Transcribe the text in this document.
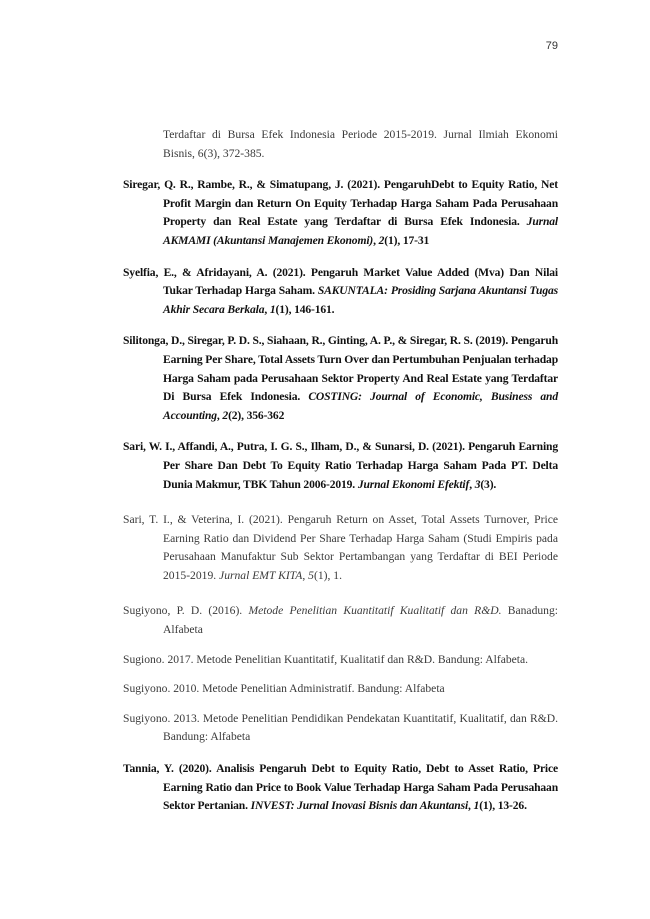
79

Terdaftar di Bursa Efek Indonesia Periode 2015-2019. Jurnal Ilmiah Ekonomi Bisnis, 6(3), 372-385.

Siregar, Q. R., Rambe, R., & Simatupang, J. (2021). PengaruhDebt to Equity Ratio, Net Profit Margin dan Return On Equity Terhadap Harga Saham Pada Perusahaan Property dan Real Estate yang Terdaftar di Bursa Efek Indonesia. Jurnal AKMAMI (Akuntansi Manajemen Ekonomi), 2(1), 17-31

Syelfia, E., & Afridayani, A. (2021). Pengaruh Market Value Added (Mva) Dan Nilai Tukar Terhadap Harga Saham. SAKUNTALA: Prosiding Sarjana Akuntansi Tugas Akhir Secara Berkala, 1(1), 146-161.

Silitonga, D., Siregar, P. D. S., Siahaan, R., Ginting, A. P., & Siregar, R. S. (2019). Pengaruh Earning Per Share, Total Assets Turn Over dan Pertumbuhan Penjualan terhadap Harga Saham pada Perusahaan Sektor Property And Real Estate yang Terdaftar Di Bursa Efek Indonesia. COSTING: Journal of Economic, Business and Accounting, 2(2), 356-362

Sari, W. I., Affandi, A., Putra, I. G. S., Ilham, D., & Sunarsi, D. (2021). Pengaruh Earning Per Share Dan Debt To Equity Ratio Terhadap Harga Saham Pada PT. Delta Dunia Makmur, TBK Tahun 2006-2019. Jurnal Ekonomi Efektif, 3(3).

Sari, T. I., & Veterina, I. (2021). Pengaruh Return on Asset, Total Assets Turnover, Price Earning Ratio dan Dividend Per Share Terhadap Harga Saham (Studi Empiris pada Perusahaan Manufaktur Sub Sektor Pertambangan yang Terdaftar di BEI Periode 2015-2019. Jurnal EMT KITA, 5(1), 1.

Sugiyono, P. D. (2016). Metode Penelitian Kuantitatif Kualitatif dan R&D. Banadung: Alfabeta

Sugiono. 2017. Metode Penelitian Kuantitatif, Kualitatif dan R&D. Bandung: Alfabeta.

Sugiyono. 2010. Metode Penelitian Administratif. Bandung: Alfabeta

Sugiyono. 2013. Metode Penelitian Pendidikan Pendekatan Kuantitatif, Kualitatif, dan R&D. Bandung: Alfabeta

Tannia, Y. (2020). Analisis Pengaruh Debt to Equity Ratio, Debt to Asset Ratio, Price Earning Ratio dan Price to Book Value Terhadap Harga Saham Pada Perusahaan Sektor Pertanian. INVEST: Jurnal Inovasi Bisnis dan Akuntansi, 1(1), 13-26.
